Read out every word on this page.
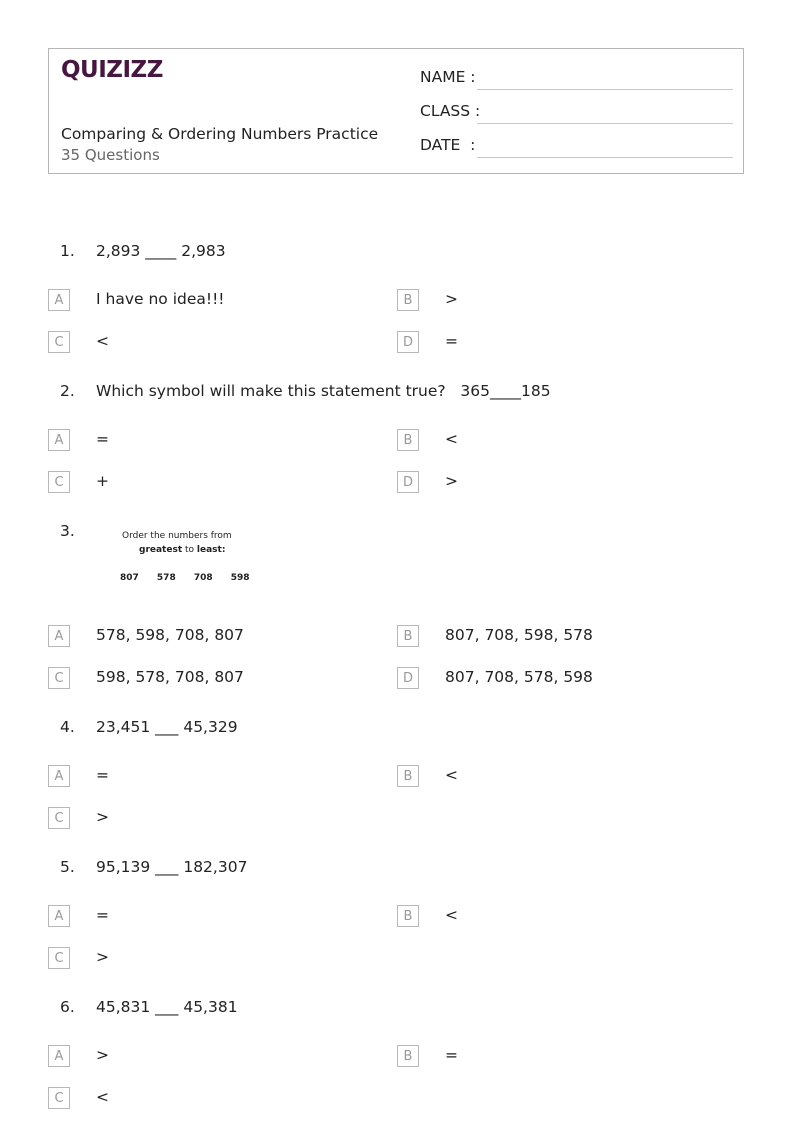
QUIZIZZ
Comparing & Ordering Numbers Practice
35 Questions
NAME :
CLASS :
DATE  :
1. 2,893 ____ 2,983
A	I have no idea!!!	B	>
C	<	D	=
2. Which symbol will make this statement true?   365____185
A	=	B	<
C	+	D	>
3.	Order the numbers from
greatest to least:
807 578 708 598
A	578, 598, 708, 807	B	807, 708, 598, 578
C	598, 578, 708, 807	D	807, 708, 578, 598
4. 23,451 ___ 45,329
A	=	B	<
C	>
5. 95,139 ___ 182,307
A	=	B	<
C	>
6. 45,831 ___ 45,381
A	>	B	=
C	<
